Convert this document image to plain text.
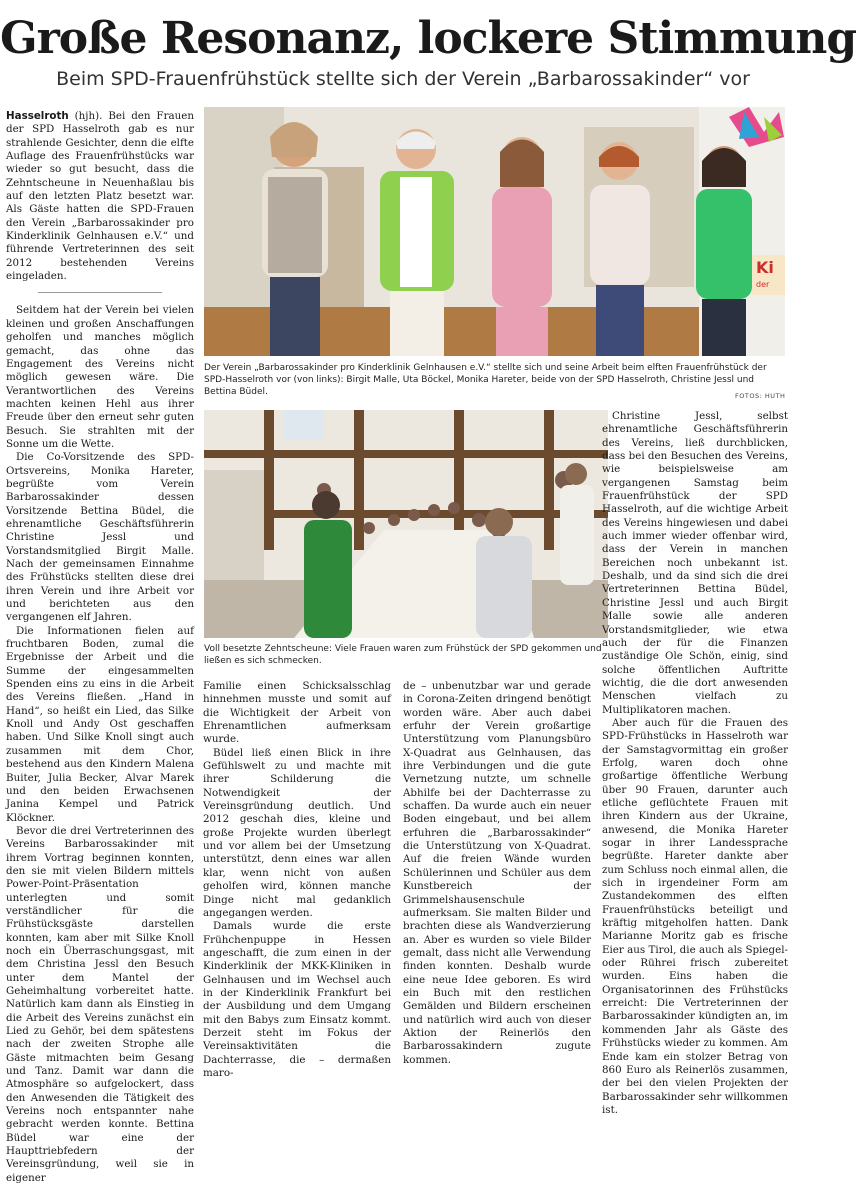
Große Resonanz, lockere Stimmung
Beim SPD-Frauenfrühstück stellte sich der Verein „Barbarossakinder“ vor

Hasselroth (hjh). Bei den Frauen der SPD Hasselroth gab es nur strahlende Gesichter, denn die elfte Auflage des Frauenfrühstücks war wieder so gut besucht, dass die Zehntscheune in Neuenhaßlau bis auf den letzten Platz besetzt war. Als Gäste hatten die SPD-Frauen den Verein „Barbarossakinder pro Kinderklinik Gelnhausen e.V.“ und führende Vertreterinnen des seit 2012 bestehenden Vereins eingeladen.

Seitdem hat der Verein bei vielen kleinen und großen Anschaffungen geholfen und manches möglich gemacht, das ohne das Engagement des Vereins nicht möglich gewesen wäre. Die Verantwortlichen des Vereins machten keinen Hehl aus ihrer Freude über den erneut sehr guten Besuch. Sie strahlten mit der Sonne um die Wette.

Die Co-Vorsitzende des SPD-Ortsvereins, Monika Hareter, begrüßte vom Verein Barbarossakinder dessen Vorsitzende Bettina Büdel, die ehrenamtliche Geschäftsführerin Christine Jessl und Vorstandsmitglied Birgit Malle. Nach der gemeinsamen Einnahme des Frühstücks stellten diese drei ihren Verein und ihre Arbeit vor und berichteten aus den vergangenen elf Jahren.

Die Informationen fielen auf fruchtbaren Boden, zumal die Ergebnisse der Arbeit und die Summe der eingesammelten Spenden eins zu eins in die Arbeit des Vereins fließen. „Hand in Hand“, so heißt ein Lied, das Silke Knoll und Andy Ost geschaffen haben. Und Silke Knoll singt auch zusammen mit dem Chor, bestehend aus den Kindern Malena Buiter, Julia Becker, Alvar Marek und den beiden Erwachsenen Janina Kempel und Patrick Klöckner.

Bevor die drei Vertreterinnen des Vereins Barbarossakinder mit ihrem Vortrag beginnen konnten, den sie mit vielen Bildern mittels Power-Point-Präsentation unterlegten und somit verständlicher für die Frühstücksgäste darstellen konnten, kam aber mit Silke Knoll noch ein Überraschungsgast, mit dem Christina Jessl den Besuch unter dem Mantel der Geheimhaltung vorbereitet hatte. Natürlich kam dann als Einstieg in die Arbeit des Vereins zunächst ein Lied zu Gehör, bei dem spätestens nach der zweiten Strophe alle Gäste mitmachten beim Gesang und Tanz. Damit war dann die Atmosphäre so aufgelockert, dass den Anwesenden die Tätigkeit des Vereins noch entspannter nahe gebracht werden konnte. Bettina Büdel war eine der Haupttriebfedern der Vereinsgründung, weil sie in eigener

Ki
der
Der Verein „Barbarossakinder pro Kinderklinik Gelnhausen e.V.“ stellte sich und seine Arbeit beim elften Frauenfrühstück der SPD-Hasselroth vor (von links): Birgit Malle, Uta Böckel, Monika Hareter, beide von der SPD Hasselroth, Christine Jessl und Bettina Büdel.	FOTOS: HUTH
Voll besetzte Zehntscheune: Viele Frauen waren zum Frühstück der SPD gekommen und ließen es sich schmecken.

Familie einen Schicksalsschlag hinnehmen musste und somit auf die Wichtigkeit der Arbeit von Ehrenamtlichen aufmerksam wurde.

Büdel ließ einen Blick in ihre Gefühlswelt zu und machte mit ihrer Schilderung die Notwendigkeit der Vereinsgründung deutlich. Und 2012 geschah dies, kleine und große Projekte wurden überlegt und vor allem bei der Umsetzung unterstützt, denn eines war allen klar, wenn nicht von außen geholfen wird, können manche Dinge nicht mal gedanklich angegangen werden.

Damals wurde die erste Frühchenpuppe in Hessen angeschafft, die zum einen in der Kinderklinik der MKK-Kliniken in Gelnhausen und im Wechsel auch in der Kinderklinik Frankfurt bei der Ausbildung und dem Umgang mit den Babys zum Einsatz kommt. Derzeit steht im Fokus der Vereinsaktivitäten die Dachterrasse, die – dermaßen maro-

de – unbenutzbar war und gerade in Corona-Zeiten dringend benötigt worden wäre. Aber auch dabei erfuhr der Verein großartige Unterstützung vom Planungsbüro X-Quadrat aus Gelnhausen, das ihre Verbindungen und die gute Vernetzung nutzte, um schnelle Abhilfe bei der Dachterrasse zu schaffen. Da wurde auch ein neuer Boden eingebaut, und bei allem erfuhren die „Barbarossakinder“ die Unterstützung von X-Quadrat. Auf die freien Wände wurden Schülerinnen und Schüler aus dem Kunstbereich der Grimmelshausenschule aufmerksam. Sie malten Bilder und brachten diese als Wandverzierung an. Aber es wurden so viele Bilder gemalt, dass nicht alle Verwendung finden konnten. Deshalb wurde eine neue Idee geboren. Es wird ein Buch mit den restlichen Gemälden und Bildern erscheinen und natürlich wird auch von dieser Aktion der Reinerlös den Barbarossakindern zugute kommen.

Christine Jessl, selbst ehrenamtliche Geschäftsführerin des Vereins, ließ durchblicken, dass bei den Besuchen des Vereins, wie beispielsweise am vergangenen Samstag beim Frauenfrühstück der SPD Hasselroth, auf die wichtige Arbeit des Vereins hingewiesen und dabei auch immer wieder offenbar wird, dass der Verein in manchen Bereichen noch unbekannt ist. Deshalb, und da sind sich die drei Vertreterinnen Bettina Büdel, Christine Jessl und auch Birgit Malle sowie alle anderen Vorstandsmitglieder, wie etwa auch der für die Finanzen zuständige Ole Schön, einig, sind solche öffentlichen Auftritte wichtig, die die dort anwesenden Menschen vielfach zu Multiplikatoren machen.

Aber auch für die Frauen des SPD-Frühstücks in Hasselroth war der Samstagvormittag ein großer Erfolg, waren doch ohne großartige öffentliche Werbung über 90 Frauen, darunter auch etliche geflüchtete Frauen mit ihren Kindern aus der Ukraine, anwesend, die Monika Hareter sogar in ihrer Landessprache begrüßte. Hareter dankte aber zum Schluss noch einmal allen, die sich in irgendeiner Form am Zustandekommen des elften Frauenfrühstücks beteiligt und kräftig mitgeholfen hatten. Dank Marianne Moritz gab es frische Eier aus Tirol, die auch als Spiegel- oder Rührei frisch zubereitet wurden. Eins haben die Organisatorinnen des Frühstücks erreicht: Die Vertreterinnen der Barbarossakinder kündigten an, im kommenden Jahr als Gäste des Frühstücks wieder zu kommen. Am Ende kam ein stolzer Betrag von 860 Euro als Reinerlös zusammen, der bei den vielen Projekten der Barbarossakinder sehr willkommen ist.
